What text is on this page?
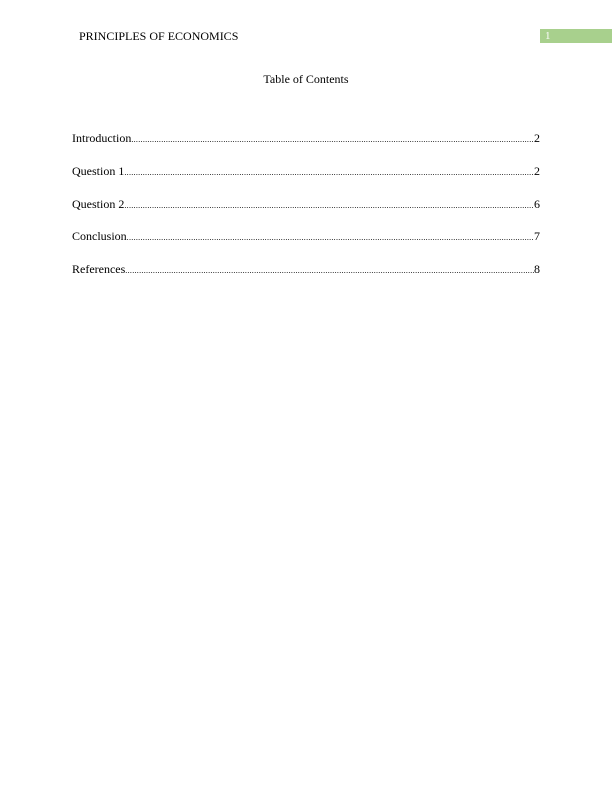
PRINCIPLES OF ECONOMICS	1
Table of Contents
Introduction .....	2
Question 1 .....	2
Question 2 .....	6
Conclusion .....	7
References .....	8
